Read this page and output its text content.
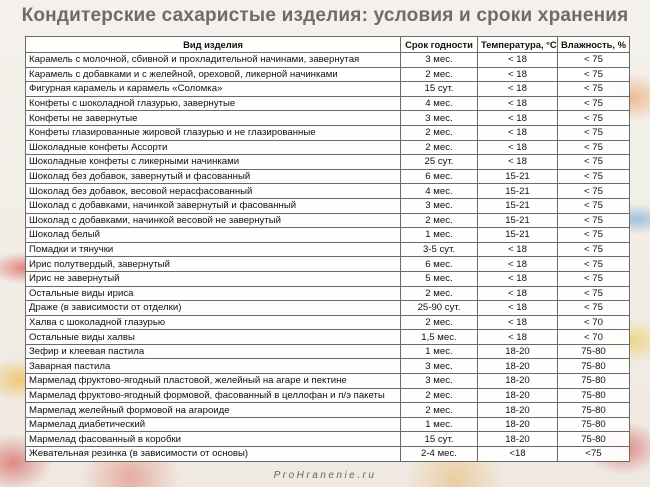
Кондитерские сахаристые изделия: условия и сроки хранения
Вид изделия	Срок годности	Температура, °С	Влажность, %
Карамель с молочной, сбивной и прохладительной начинами, завернутая	3 мес.	< 18	< 75
Карамель с добавками и с желейной, ореховой, ликерной начинками	2 мес.	< 18	< 75
Фигурная карамель и карамель «Соломка»	15 сут.	< 18	< 75
Конфеты с шоколадной глазурью, завернутые	4 мес.	< 18	< 75
Конфеты не завернутые	3 мес.	< 18	< 75
Конфеты глазированные жировой глазурью и не глазированные	2 мес.	< 18	< 75
Шоколадные конфеты Ассорти	2 мес.	< 18	< 75
Шоколадные конфеты с ликерными начинками	25 сут.	< 18	< 75
Шоколад без добавок, завернутый и фасованный	6 мес.	15-21	< 75
Шоколад без добавок, весовой нерасфасованный	4 мес.	15-21	< 75
Шоколад с добавками, начинкой завернутый и фасованный	3 мес.	15-21	< 75
Шоколад с добавками, начинкой весовой не завернутый	2 мес.	15-21	< 75
Шоколад белый	1 мес.	15-21	< 75
Помадки и тянучки	3-5 сут.	< 18	< 75
Ирис полутвердый, завернутый	6 мес.	< 18	< 75
Ирис не завернутый	5 мес.	< 18	< 75
Остальные виды ириса	2 мес.	< 18	< 75
Драже (в зависимости от отделки)	25-90 сут.	< 18	< 75
Халва с шоколадной глазурью	2 мес.	< 18	< 70
Остальные виды халвы	1,5 мес.	< 18	< 70
Зефир и клеевая пастила	1 мес.	18-20	75-80
Заварная пастила	3 мес.	18-20	75-80
Мармелад фруктово-ягодный пластовой, желейный на агаре и пектине	3 мес.	18-20	75-80
Мармелад фруктово-ягодный формовой, фасованный в целлофан и п/э пакеты	2 мес.	18-20	75-80
Мармелад желейный формовой на агароиде	2 мес.	18-20	75-80
Мармелад диабетический	1 мес.	18-20	75-80
Мармелад фасованный в коробки	15 сут.	18-20	75-80
Жевательная резинка (в зависимости от основы)	2-4 мес.	<18	<75
ProHranenie.ru
